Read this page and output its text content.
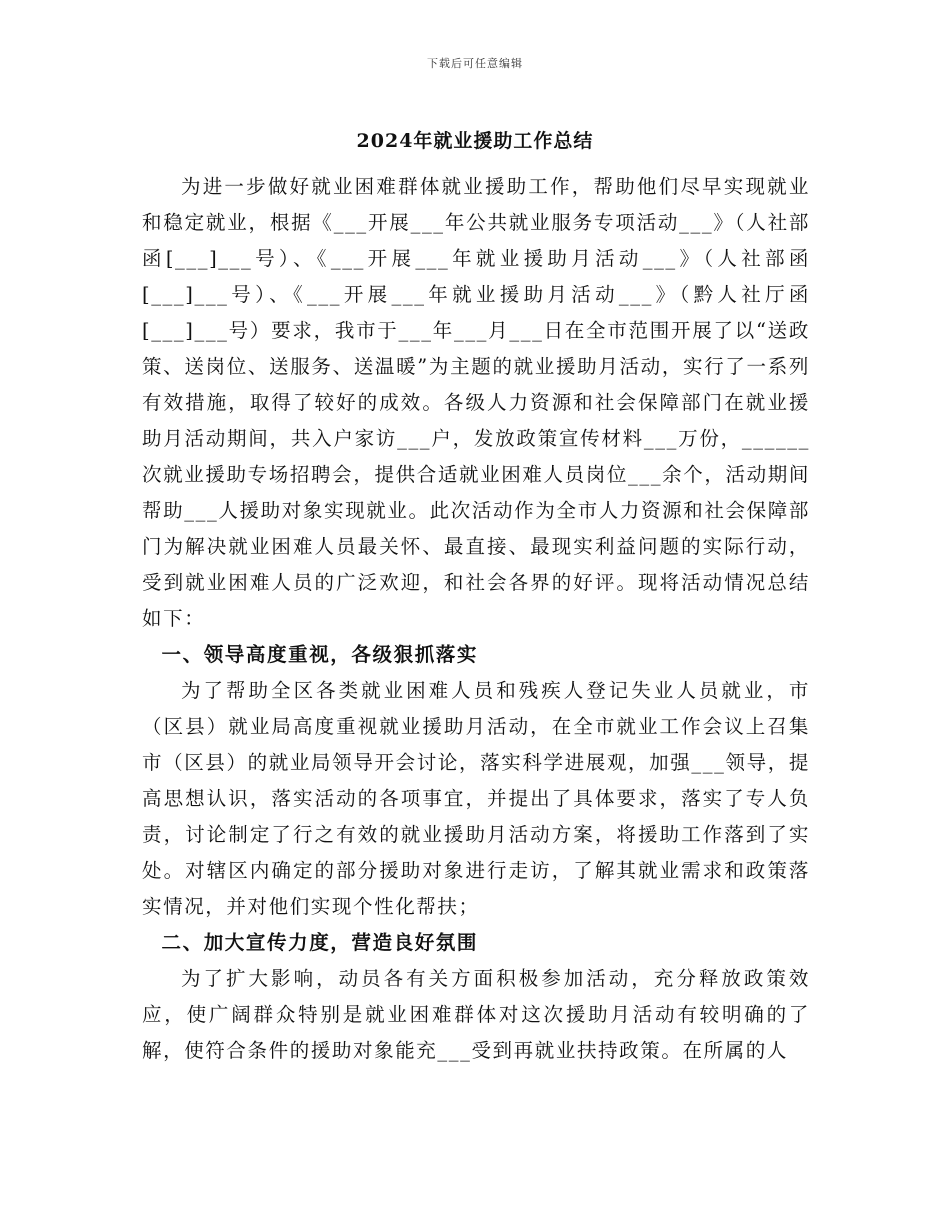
下载后可任意编辑
2024年就业援助工作总结

为进一步做好就业困难群体就业援助工作，帮助他们尽早实现就业和稳定就业，根据《___开展___年公共就业服务专项活动___》（人社部函[___]___号）、《___开展___年就业援助月活动___》（人社部函[___]___号）、《___开展___年就业援助月活动___》（黔人社厅函[___]___号）要求，我市于___年___月___日在全市范围开展了以“送政策、送岗位、送服务、送温暖”为主题的就业援助月活动，实行了一系列有效措施，取得了较好的成效。各级人力资源和社会保障部门在就业援助月活动期间，共入户家访___户，发放政策宣传材料___万份，______次就业援助专场招聘会，提供合适就业困难人员岗位___余个，活动期间帮助___人援助对象实现就业。此次活动作为全市人力资源和社会保障部门为解决就业困难人员最关怀、最直接、最现实利益问题的实际行动，受到就业困难人员的广泛欢迎，和社会各界的好评。现将活动情况总结如下：

一、领导高度重视，各级狠抓落实

为了帮助全区各类就业困难人员和残疾人登记失业人员就业，市（区县）就业局高度重视就业援助月活动，在全市就业工作会议上召集市（区县）的就业局领导开会讨论，落实科学进展观，加强___领导，提高思想认识，落实活动的各项事宜，并提出了具体要求，落实了专人负责，讨论制定了行之有效的就业援助月活动方案，将援助工作落到了实处。对辖区内确定的部分援助对象进行走访，了解其就业需求和政策落实情况，并对他们实现个性化帮扶；

二、加大宣传力度，营造良好氛围

为了扩大影响，动员各有关方面积极参加活动，充分释放政策效应，使广阔群众特别是就业困难群体对这次援助月活动有较明确的了解，使符合条件的援助对象能充___受到再就业扶持政策。在所属的人
